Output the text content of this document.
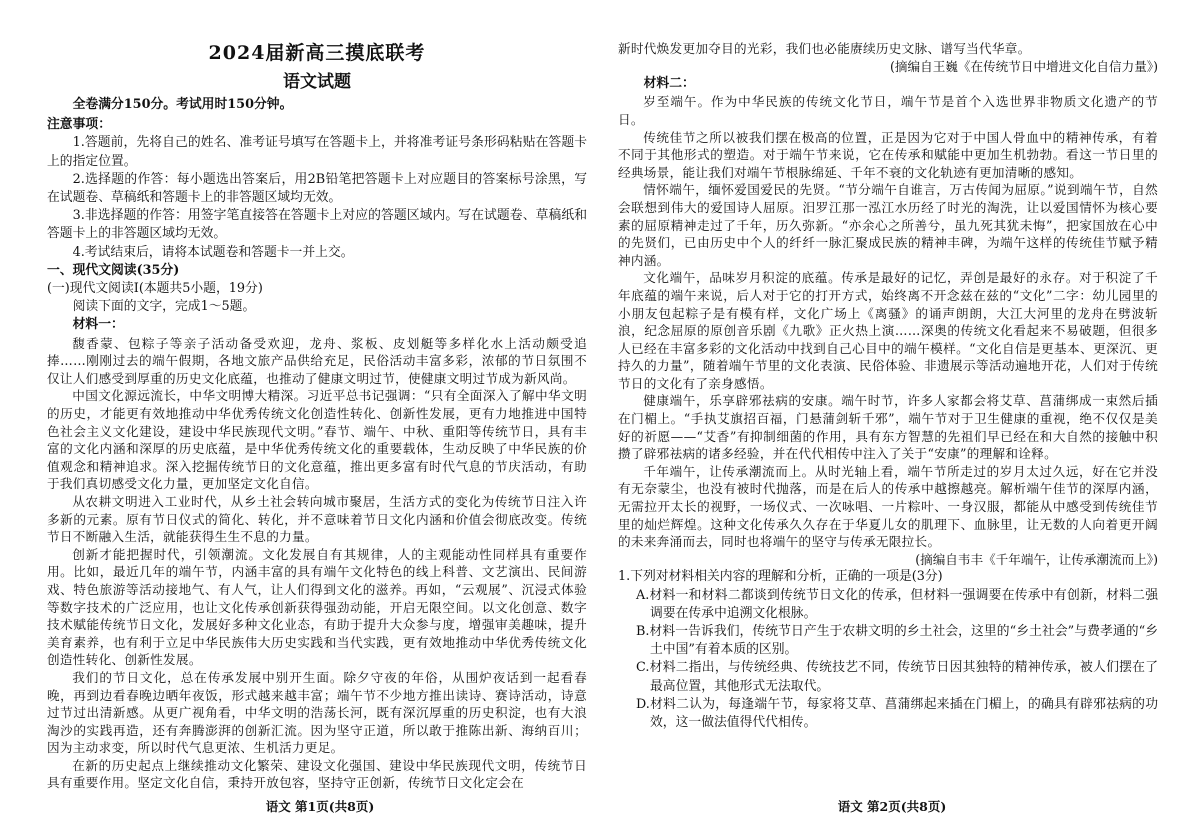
2024届新高三摸底联考
语文试题

全卷满分150分。考试用时150分钟。

注意事项：

1.答题前，先将自己的姓名、准考证号填写在答题卡上，并将准考证号条形码粘贴在答题卡上的指定位置。

2.选择题的作答：每小题选出答案后，用2B铅笔把答题卡上对应题目的答案标号涂黑，写在试题卷、草稿纸和答题卡上的非答题区域均无效。

3.非选择题的作答：用签字笔直接答在答题卡上对应的答题区域内。写在试题卷、草稿纸和答题卡上的非答题区域均无效。

4.考试结束后，请将本试题卷和答题卡一并上交。

一、现代文阅读(35分)

(一)现代文阅读Ⅰ(本题共5小题，19分)

阅读下面的文字，完成1～5题。

材料一：

馥香蒙、包粽子等亲子活动备受欢迎，龙舟、浆板、皮划艇等多样化水上活动颇受追捧……刚刚过去的端午假期，各地文旅产品供给充足，民俗活动丰富多彩，浓郁的节日氛围不仅让人们感受到厚重的历史文化底蕴，也推动了健康文明过节，使健康文明过节成为新风尚。

中国文化源远流长，中华文明博大精深。习近平总书记强调：“只有全面深入了解中华文明的历史，才能更有效地推动中华优秀传统文化创造性转化、创新性发展，更有力地推进中国特色社会主义文化建设，建设中华民族现代文明。”春节、端午、中秋、重阳等传统节日，具有丰富的文化内涵和深厚的历史底蕴，是中华优秀传统文化的重要载体，生动反映了中华民族的价值观念和精神追求。深入挖掘传统节日的文化意蕴，推出更多富有时代气息的节庆活动，有助于我们真切感受文化力量，更加坚定文化自信。

从农耕文明进入工业时代，从乡土社会转向城市聚居，生活方式的变化为传统节日注入许多新的元素。原有节日仪式的简化、转化，并不意味着节日文化内涵和价值会彻底改变。传统节日不断融入生活，就能获得生生不息的力量。

创新才能把握时代，引领潮流。文化发展自有其规律，人的主观能动性同样具有重要作用。比如，最近几年的端午节，内涵丰富的具有端午文化特色的线上科普、文艺演出、民间游戏、特色旅游等活动接地气、有人气，让人们得到文化的滋养。再如，“云观展”、沉浸式体验等数字技术的广泛应用，也让文化传承创新获得强劲动能，开启无限空间。以文化创意、数字技术赋能传统节日文化，发展好多种文化业态，有助于提升大众参与度，增强审美趣味，提升美育素养，也有利于立足中华民族伟大历史实践和当代实践，更有效地推动中华优秀传统文化创造性转化、创新性发展。

我们的节日文化，总在传承发展中别开生面。除夕守夜的年俗，从围炉夜话到一起看春晚，再到边看春晚边晒年夜饭，形式越来越丰富；端午节不少地方推出读诗、赛诗活动，诗意过节过出清新感。从更广视角看，中华文明的浩荡长河，既有深沉厚重的历史积淀，也有大浪淘沙的实践再造，还有奔腾澎湃的创新汇流。因为坚守正道，所以敢于推陈出新、海纳百川；因为主动求变，所以时代气息更浓、生机活力更足。

在新的历史起点上继续推动文化繁荣、建设文化强国、建设中华民族现代文明，传统节日具有重要作用。坚定文化自信，秉持开放包容，坚持守正创新，传统节日文化定会在

语文 第1页(共8页)

新时代焕发更加夺目的光彩，我们也必能赓续历史文脉、谱写当代华章。

(摘编自王巍《在传统节日中增进文化自信力量》)

材料二：

岁至端午。作为中华民族的传统文化节日，端午节是首个入选世界非物质文化遗产的节日。

传统佳节之所以被我们摆在极高的位置，正是因为它对于中国人骨血中的精神传承，有着不同于其他形式的塑造。对于端午节来说，它在传承和赋能中更加生机勃勃。看这一节日里的经典场景，能让我们对端午节根脉绵延、千年不衰的文化轨迹有更加清晰的感知。

情怀端午，缅怀爱国爱民的先贤。“节分端午自谁言，万古传闻为屈原。”说到端午节，自然会联想到伟大的爱国诗人屈原。汨罗江那一泓江水历经了时光的淘洗，让以爱国情怀为核心要素的屈原精神走过了千年，历久弥新。“亦余心之所善兮，虽九死其犹未悔”，把家国放在心中的先贤们，已由历史中个人的纤纤一脉汇聚成民族的精神丰碑，为端午这样的传统佳节赋予精神内涵。

文化端午，品味岁月积淀的底蕴。传承是最好的记忆，弄创是最好的永存。对于积淀了千年底蕴的端午来说，后人对于它的打开方式，始终离不开念兹在兹的“文化”二字：幼儿园里的小朋友包起粽子是有模有样，文化广场上《离骚》的诵声朗朗，大江大河里的龙舟在劈波斩浪，纪念屈原的原创音乐剧《九歌》正火热上演……深奥的传统文化看起来不易破题，但很多人已经在丰富多彩的文化活动中找到自己心目中的端午模样。“文化自信是更基本、更深沉、更持久的力量”，随着端午节里的文化表演、民俗体验、非遗展示等活动遍地开花，人们对于传统节日的文化有了亲身感悟。

健康端午，乐享辟邪祛病的安康。端午时节，许多人家都会将艾草、菖蒲绑成一束然后插在门楣上。“手执艾旗招百福，门悬蒲剑斩千邪”，端午节对于卫生健康的重视，绝不仅仅是美好的祈愿——“艾香”有抑制细菌的作用，具有东方智慧的先祖们早已经在和大自然的接触中积攒了辟邪祛病的诸多经验，并在代代相传中注入了关于“安康”的理解和诠释。

千年端午，让传承潮流而上。从时光轴上看，端午节所走过的岁月太过久远，好在它并没有无奈蒙尘，也没有被时代抛落，而是在后人的传承中越擦越亮。解析端午佳节的深厚内涵，无需拉开太长的视野，一场仪式、一次咏唱、一片粽叶、一身汉服，都能从中感受到传统佳节里的灿烂辉煌。这种文化传承久久存在于华夏儿女的肌理下、血脉里，让无数的人向着更开阔的未来奔涌而去，同时也将端午的坚守与传承无限拉长。

(摘编自韦丰《千年端午，让传承潮流而上》)

1.下列对材料相关内容的理解和分析，正确的一项是(3分)

A.材料一和材料二都谈到传统节日文化的传承，但材料一强调要在传承中有创新，材料二强调要在传承中追溯文化根脉。

B.材料一告诉我们，传统节日产生于农耕文明的乡土社会，这里的“乡土社会”与费孝通的“乡土中国”有着本质的区别。

C.材料二指出，与传统经典、传统技艺不同，传统节日因其独特的精神传承，被人们摆在了最高位置，其他形式无法取代。

D.材料二认为，每逢端午节，每家将艾草、菖蒲绑起来插在门楣上，的确具有辟邪祛病的功效，这一做法值得代代相传。

语文 第2页(共8页)
